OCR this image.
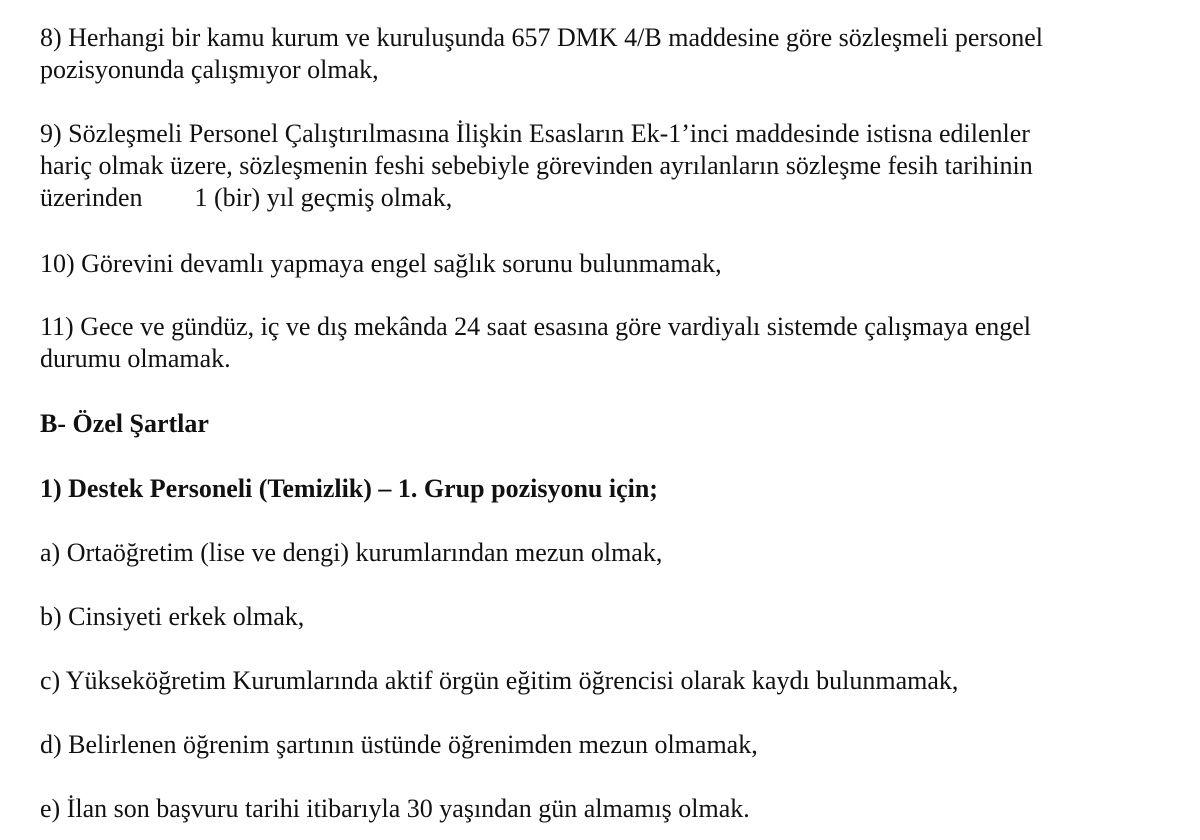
8) Herhangi bir kamu kurum ve kuruluşunda 657 DMK 4/B maddesine göre sözleşmeli personel
pozisyonunda çalışmıyor olmak,
9) Sözleşmeli Personel Çalıştırılmasına İlişkin Esasların Ek-1’inci maddesinde istisna edilenler
hariç olmak üzere, sözleşmenin feshi sebebiyle görevinden ayrılanların sözleşme fesih tarihinin
üzerinden 1 (bir) yıl geçmiş olmak,
10) Görevini devamlı yapmaya engel sağlık sorunu bulunmamak,
11) Gece ve gündüz, iç ve dış mekânda 24 saat esasına göre vardiyalı sistemde çalışmaya engel
durumu olmamak.
B- Özel Şartlar
1) Destek Personeli (Temizlik) – 1. Grup pozisyonu için;
a) Ortaöğretim (lise ve dengi) kurumlarından mezun olmak,
b) Cinsiyeti erkek olmak,
c) Yükseköğretim Kurumlarında aktif örgün eğitim öğrencisi olarak kaydı bulunmamak,
d) Belirlenen öğrenim şartının üstünde öğrenimden mezun olmamak,
e) İlan son başvuru tarihi itibarıyla 30 yaşından gün almamış olmak.
